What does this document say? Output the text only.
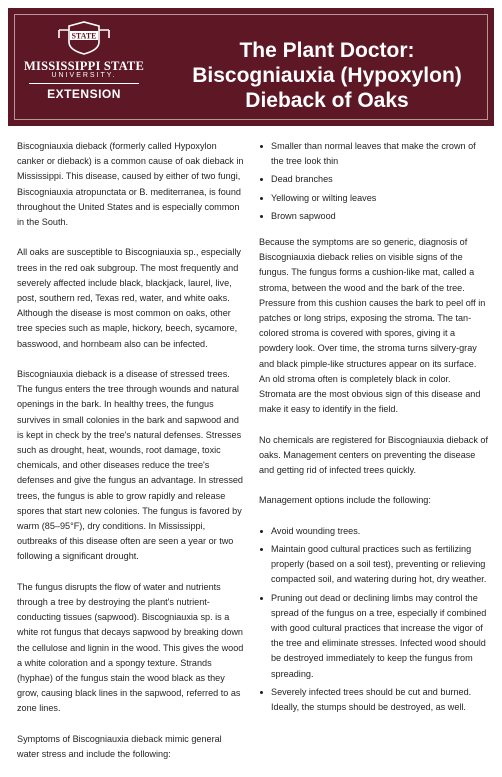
STATE
MISSISSIPPI STATE
UNIVERSITY.
EXTENSION
The Plant Doctor:
Biscogniauxia (Hypoxylon)
Dieback of Oaks

Biscogniauxia dieback (formerly called Hypoxylon canker or dieback) is a common cause of oak dieback in Mississippi. This disease, caused by either of two fungi, Biscogniauxia atropunctata or B. mediterranea, is found throughout the United States and is especially common in the South.

All oaks are susceptible to Biscogniauxia sp., especially trees in the red oak subgroup. The most frequently and severely affected include black, blackjack, laurel, live, post, southern red, Texas red, water, and white oaks. Although the disease is most common on oaks, other tree species such as maple, hickory, beech, sycamore, basswood, and hornbeam also can be infected.

Biscogniauxia dieback is a disease of stressed trees. The fungus enters the tree through wounds and natural openings in the bark. In healthy trees, the fungus survives in small colonies in the bark and sapwood and is kept in check by the tree's natural defenses. Stresses such as drought, heat, wounds, root damage, toxic chemicals, and other diseases reduce the tree's defenses and give the fungus an advantage. In stressed trees, the fungus is able to grow rapidly and release spores that start new colonies. The fungus is favored by warm (85–95°F), dry conditions. In Mississippi, outbreaks of this disease often are seen a year or two following a significant drought.

The fungus disrupts the flow of water and nutrients through a tree by destroying the plant's nutrient-conducting tissues (sapwood). Biscogniauxia sp. is a white rot fungus that decays sapwood by breaking down the cellulose and lignin in the wood. This gives the wood a white coloration and a spongy texture. Strands (hyphae) of the fungus stain the wood black as they grow, causing black lines in the sapwood, referred to as zone lines.

Symptoms of Biscogniauxia dieback mimic general water stress and include the following:

Smaller than normal leaves that make the crown of the tree look thin
Dead branches
Yellowing or wilting leaves
Brown sapwood

Because the symptoms are so generic, diagnosis of Biscogniauxia dieback relies on visible signs of the fungus. The fungus forms a cushion-like mat, called a stroma, between the wood and the bark of the tree. Pressure from this cushion causes the bark to peel off in patches or long strips, exposing the stroma. The tan-colored stroma is covered with spores, giving it a powdery look. Over time, the stroma turns silvery-gray and black pimple-like structures appear on its surface. An old stroma often is completely black in color. Stromata are the most obvious sign of this disease and make it easy to identify in the field.

No chemicals are registered for Biscogniauxia dieback of oaks. Management centers on preventing the disease and getting rid of infected trees quickly.

Management options include the following:

Avoid wounding trees.
Maintain good cultural practices such as fertilizing properly (based on a soil test), preventing or relieving compacted soil, and watering during hot, dry weather.
Pruning out dead or declining limbs may control the spread of the fungus on a tree, especially if combined with good cultural practices that increase the vigor of the tree and eliminate stresses. Infected wood should be destroyed immediately to keep the fungus from spreading.
Severely infected trees should be cut and burned. Ideally, the stumps should be destroyed, as well.
